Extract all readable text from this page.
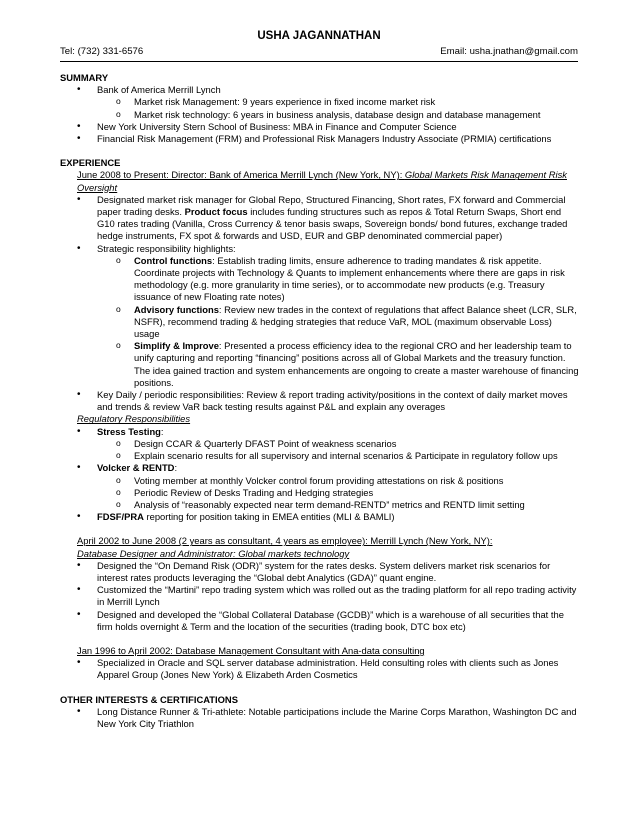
USHA JAGANNATHAN
Tel: (732) 331-6576	Email: usha.jnathan@gmail.com

SUMMARY

• Bank of America Merrill Lynch
o Market risk Management: 9 years experience in fixed income market risk
o Market risk technology: 6 years in business analysis, database design and database management
• New York University Stern School of Business: MBA in Finance and Computer Science
• Financial Risk Management (FRM) and Professional Risk Managers Industry Associate (PRMIA) certifications

EXPERIENCE

June 2008 to Present: Director: Bank of America Merrill Lynch (New York, NY): Global Markets Risk Management Risk Oversight

• Designated market risk manager for Global Repo, Structured Financing, Short rates, FX forward and Commercial paper trading desks. Product focus includes funding structures such as repos & Total Return Swaps, Short end G10 rates trading (Vanilla, Cross Currency & tenor basis swaps, Sovereign bonds/ bond futures, exchange traded hedge instruments, FX spot & forwards and USD, EUR and GBP denominated commercial paper)
• Strategic responsibility highlights:
o Control functions: Establish trading limits, ensure adherence to trading mandates & risk appetite. Coordinate projects with Technology & Quants to implement enhancements where there are gaps in risk methodology (e.g. more granularity in time series), or to accommodate new products (e.g. Treasury issuance of new Floating rate notes)
o Advisory functions: Review new trades in the context of regulations that affect Balance sheet (LCR, SLR, NSFR), recommend trading & hedging strategies that reduce VaR, MOL (maximum observable Loss) usage
o Simplify & Improve: Presented a process efficiency idea to the regional CRO and her leadership team to unify capturing and reporting “financing” positions across all of Global Markets and the treasury function. The idea gained traction and system enhancements are ongoing to create a master warehouse of financing positions.
• Key Daily / periodic responsibilities: Review & report trading activity/positions in the context of daily market moves and trends & review VaR back testing results against P&L and explain any overages

Regulatory Responsibilities

• Stress Testing:
o Design CCAR & Quarterly DFAST Point of weakness scenarios
o Explain scenario results for all supervisory and internal scenarios & Participate in regulatory follow ups
• Volcker & RENTD:
o Voting member at monthly Volcker control forum providing attestations on risk & positions
o Periodic Review of Desks Trading and Hedging strategies
o Analysis of “reasonably expected near term demand-RENTD” metrics and RENTD limit setting
• FDSF/PRA reporting for position taking in EMEA entities (MLI & BAMLI)

April 2002 to June 2008 (2 years as consultant, 4 years as employee): Merrill Lynch (New York, NY):

Database Designer and Administrator: Global markets technology

• Designed the “On Demand Risk (ODR)” system for the rates desks. System delivers market risk scenarios for interest rates products leveraging the “Global debt Analytics (GDA)” quant engine.
• Customized the “Martini” repo trading system which was rolled out as the trading platform for all repo trading activity in Merrill Lynch
• Designed and developed the “Global Collateral Database (GCDB)” which is a warehouse of all securities that the firm holds overnight & Term and the location of the securities (trading book, DTC box etc)

Jan 1996 to April 2002: Database Management Consultant with Ana-data consulting

• Specialized in Oracle and SQL server database administration. Held consulting roles with clients such as Jones Apparel Group (Jones New York) & Elizabeth Arden Cosmetics

OTHER INTERESTS & CERTIFICATIONS

• Long Distance Runner & Tri-athlete: Notable participations include the Marine Corps Marathon, Washington DC and New York City Triathlon
